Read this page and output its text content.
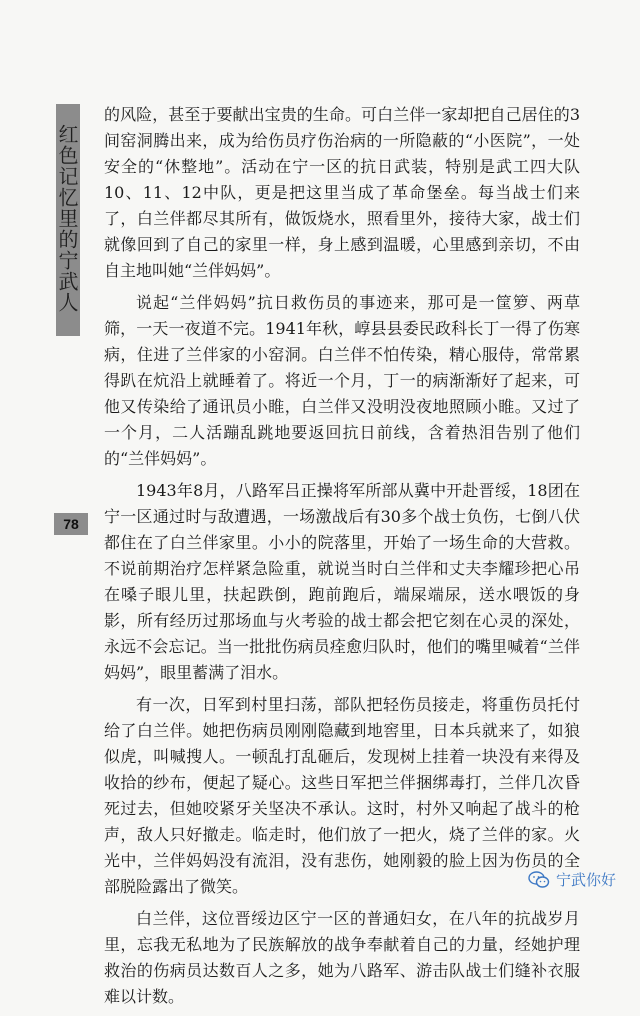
红色记忆里的宁武人
78

的风险，甚至于要献出宝贵的生命。可白兰伴一家却把自己居住的3间窑洞腾出来，成为给伤员疗伤治病的一所隐蔽的“小医院”，一处安全的“休整地”。活动在宁一区的抗日武装，特别是武工四大队10、11、12中队，更是把这里当成了革命堡垒。每当战士们来了，白兰伴都尽其所有，做饭烧水，照看里外，接待大家，战士们就像回到了自己的家里一样，身上感到温暖，心里感到亲切，不由自主地叫她“兰伴妈妈”。

说起“兰伴妈妈”抗日救伤员的事迹来，那可是一筐箩、两草筛，一天一夜道不完。1941年秋，崞县县委民政科长丁一得了伤寒病，住进了兰伴家的小窑洞。白兰伴不怕传染，精心服侍，常常累得趴在炕沿上就睡着了。将近一个月，丁一的病渐渐好了起来，可他又传染给了通讯员小睢，白兰伴又没明没夜地照顾小睢。又过了一个月，二人活蹦乱跳地要返回抗日前线，含着热泪告别了他们的“兰伴妈妈”。

1943年8月，八路军吕正操将军所部从冀中开赴晋绥，18团在宁一区通过时与敌遭遇，一场激战后有30多个战士负伤，七倒八伏都住在了白兰伴家里。小小的院落里，开始了一场生命的大营救。不说前期治疗怎样紧急险重，就说当时白兰伴和丈夫李耀珍把心吊在嗓子眼儿里，扶起跌倒，跑前跑后，端屎端尿，送水喂饭的身影，所有经历过那场血与火考验的战士都会把它刻在心灵的深处，永远不会忘记。当一批批伤病员痊愈归队时，他们的嘴里喊着“兰伴妈妈”，眼里蓄满了泪水。

有一次，日军到村里扫荡，部队把轻伤员接走，将重伤员托付给了白兰伴。她把伤病员刚刚隐藏到地窖里，日本兵就来了，如狼似虎，叫喊搜人。一顿乱打乱砸后，发现树上挂着一块没有来得及收拾的纱布，便起了疑心。这些日军把兰伴捆绑毒打，兰伴几次昏死过去，但她咬紧牙关坚决不承认。这时，村外又响起了战斗的枪声，敌人只好撤走。临走时，他们放了一把火，烧了兰伴的家。火光中，兰伴妈妈没有流泪，没有悲伤，她刚毅的脸上因为伤员的全部脱险露出了微笑。

白兰伴，这位晋绥边区宁一区的普通妇女，在八年的抗战岁月里，忘我无私地为了民族解放的战争奉献着自己的力量，经她护理救治的伤病员达数百人之多，她为八路军、游击队战士们缝补衣服难以计数。

宁武你好
